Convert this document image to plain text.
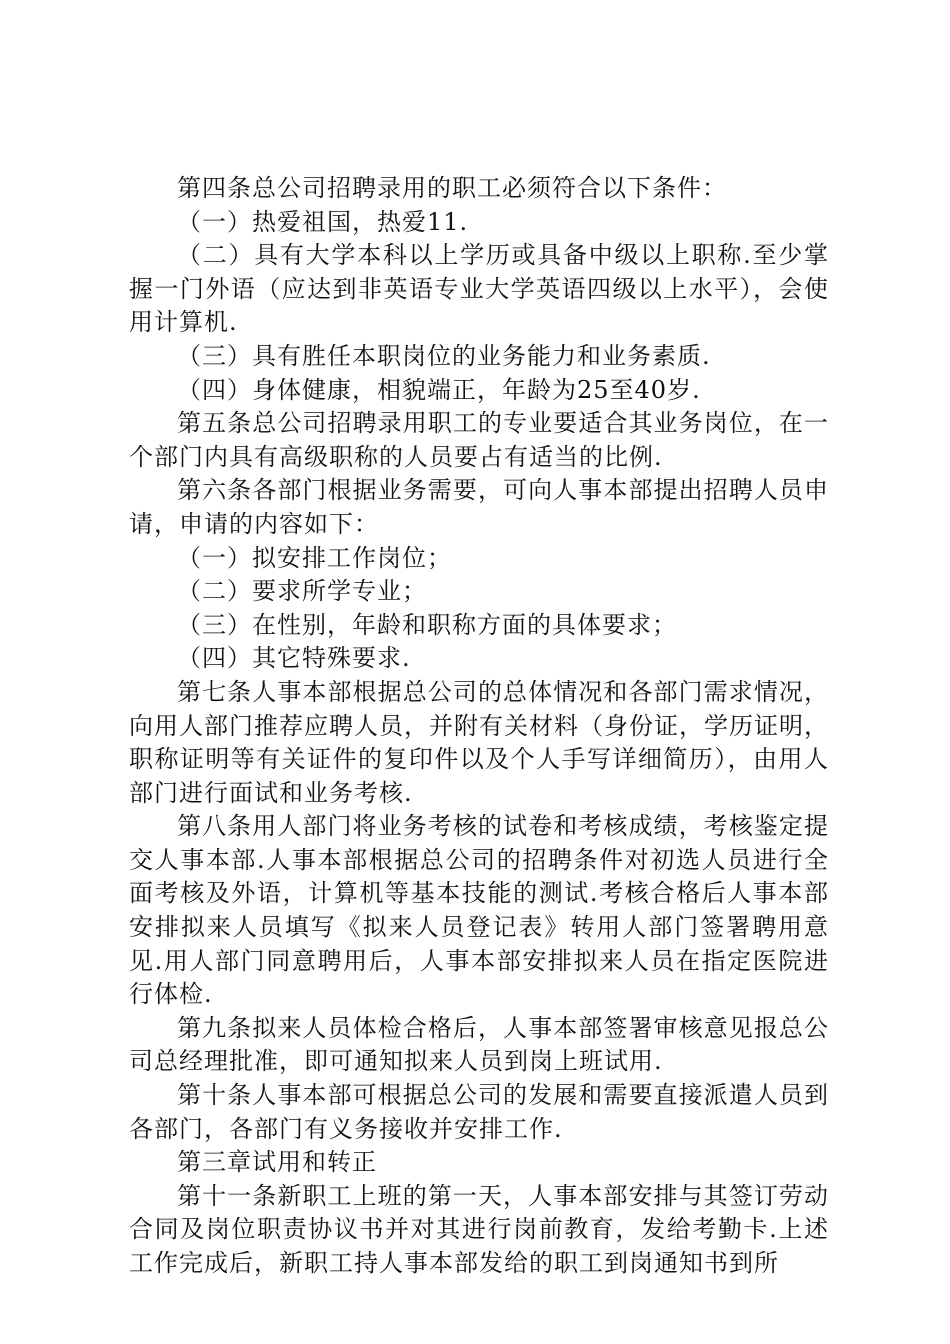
第四条总公司招聘录用的职工必须符合以下条件：

（一）热爱祖国，热爱11.

（二）具有大学本科以上学历或具备中级以上职称.至少掌握一门外语（应达到非英语专业大学英语四级以上水平），会使用计算机.

（三）具有胜任本职岗位的业务能力和业务素质.

（四）身体健康，相貌端正，年龄为25至40岁.

第五条总公司招聘录用职工的专业要适合其业务岗位，在一个部门内具有高级职称的人员要占有适当的比例.

第六条各部门根据业务需要，可向人事本部提出招聘人员申请，申请的内容如下：

（一）拟安排工作岗位；

（二）要求所学专业；

（三）在性别，年龄和职称方面的具体要求；

（四）其它特殊要求.

第七条人事本部根据总公司的总体情况和各部门需求情况，向用人部门推荐应聘人员，并附有关材料（身份证，学历证明，职称证明等有关证件的复印件以及个人手写详细简历），由用人部门进行面试和业务考核.

第八条用人部门将业务考核的试卷和考核成绩，考核鉴定提交人事本部.人事本部根据总公司的招聘条件对初选人员进行全面考核及外语，计算机等基本技能的测试.考核合格后人事本部安排拟来人员填写《拟来人员登记表》转用人部门签署聘用意见.用人部门同意聘用后，人事本部安排拟来人员在指定医院进行体检.

第九条拟来人员体检合格后，人事本部签署审核意见报总公司总经理批准，即可通知拟来人员到岗上班试用.

第十条人事本部可根据总公司的发展和需要直接派遣人员到各部门，各部门有义务接收并安排工作.

第三章试用和转正

第十一条新职工上班的第一天，人事本部安排与其签订劳动合同及岗位职责协议书并对其进行岗前教育，发给考勤卡.上述工作完成后，新职工持人事本部发给的职工到岗通知书到所
